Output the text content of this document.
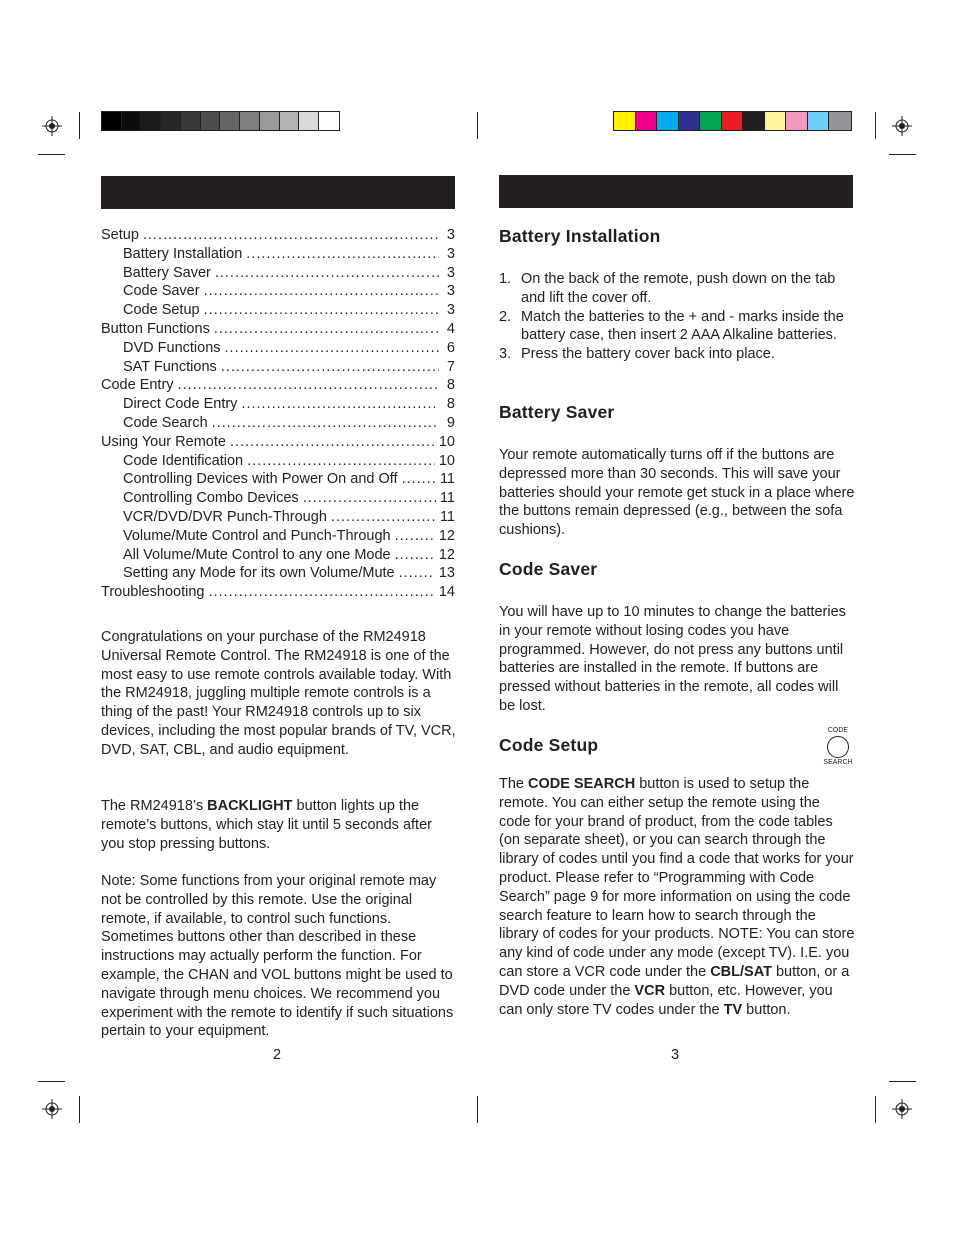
Setup .....	3
Battery Installation .....	3
Battery Saver .....	3
Code Saver .....	3
Code Setup .....	3
Button Functions .....	4
DVD Functions .....	6
SAT Functions .....	7
Code Entry .....	8
Direct Code Entry .....	8
Code Search .....	9
Using Your Remote .....	10
Code Identification .....	10
Controlling Devices with Power On and Off .....	11
Controlling Combo Devices .....	11
VCR/DVD/DVR Punch-Through .....	11
Volume/Mute Control and Punch-Through .....	12
All Volume/Mute Control to any one Mode .....	12
Setting any Mode for its own Volume/Mute .....	13
Troubleshooting .....	14

Congratulations on your purchase of the RM24918 Universal Remote Control. The RM24918 is one of the most easy to use remote controls available today. With the RM24918, juggling multiple remote controls is a thing of the past! Your RM24918 controls up to six devices, including the most popular brands of TV, VCR, DVD, SAT, CBL, and audio equipment.

The RM24918’s BACKLIGHT button lights up the remote’s buttons, which stay lit until 5 seconds after you stop pressing buttons.

Note: Some functions from your original remote may not be controlled by this remote. Use the original remote, if available, to control such functions. Sometimes buttons other than described in these instructions may actually perform the function. For example, the CHAN and VOL buttons might be used to navigate through menu choices. We recommend you experiment with the remote to identify if such situations pertain to your equipment.

2
Battery Installation
1. On the back of the remote, push down on the tab and lift the cover off.
2. Match the batteries to the + and - marks inside the battery case, then insert 2 AAA Alkaline batteries.
3. Press the battery cover back into place.
Battery Saver

Your remote automatically turns off if the buttons are depressed more than 30 seconds. This will save your batteries should your remote get stuck in a place where the buttons remain depressed (e.g., between the sofa cushions).

Code Saver

You will have up to 10 minutes to change the batteries in your remote without losing codes you have programmed. However, do not press any buttons until batteries are installed in the remote. If buttons are pressed without batteries in the remote, all codes will be lost.

Code Setup
CODE
SEARCH

The CODE SEARCH button is used to setup the remote. You can either setup the remote using the code for your brand of product, from the code tables (on separate sheet), or you can search through the library of codes until you find a code that works for your product. Please refer to “Programming with Code Search” page 9 for more information on using the code search feature to learn how to search through the library of codes for your products. NOTE: You can store any kind of code under any mode (except TV). I.E. you can store a VCR code under the CBL/SAT button, or a DVD code under the VCR button, etc. However, you can only store TV codes under the TV button.

3
